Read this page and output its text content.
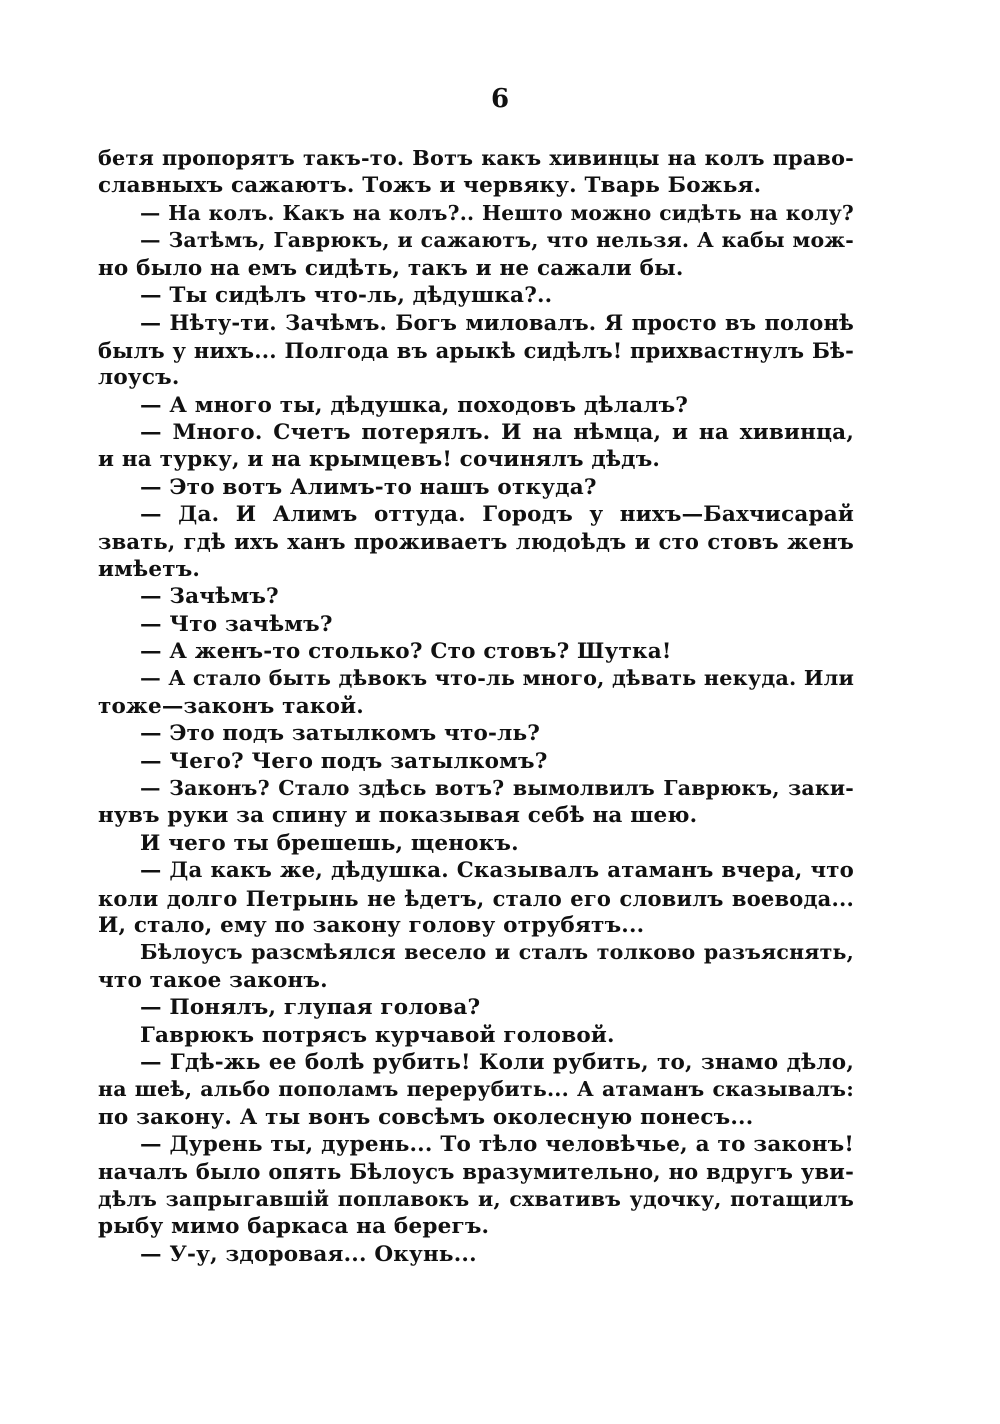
6
бетя пропорятъ такъ-то. Вотъ какъ хивинцы на колъ право-
славныхъ сажаютъ. Тожъ и червяку. Тварь Божья.
— На колъ. Какъ на колъ?.. Нешто можно сидѣть на колу?
— Затѣмъ, Гаврюкъ, и сажаютъ, что нельзя. А кабы мож-
но было на емъ сидѣть, такъ и не сажали бы.
— Ты сидѣлъ что-ль, дѣдушка?..
— Нѣту-ти. Зачѣмъ. Богъ миловалъ. Я просто въ полонѣ
былъ у нихъ... Полгода въ арыкѣ сидѣлъ! прихвастнулъ Бѣ-
лоусъ.
— А много ты, дѣдушка, походовъ дѣлалъ?
— Много. Счетъ потерялъ. И на нѣмца, и на хивинца,
и на турку, и на крымцевъ! сочинялъ дѣдъ.
— Это вотъ Алимъ-то нашъ откуда?
— Да. И Алимъ оттуда. Городъ у нихъ—Бахчисарай
звать, гдѣ ихъ ханъ проживаетъ людоѣдъ и сто стовъ женъ
имѣетъ.
— Зачѣмъ?
— Что зачѣмъ?
— А женъ-то столько? Сто стовъ? Шутка!
— А стало быть дѣвокъ что-ль много, дѣвать некуда. Или
тоже—законъ такой.
— Это подъ затылкомъ что-ль?
— Чего? Чего подъ затылкомъ?
— Законъ? Стало здѣсь вотъ? вымолвилъ Гаврюкъ, заки-
нувъ руки за спину и показывая себѣ на шею.
И чего ты брешешь, щенокъ.
— Да какъ же, дѣдушка. Сказывалъ атаманъ вчера, что
коли долго Петрынь не ѣдетъ, стало его словилъ воевода...
И, стало, ему по закону голову отрубятъ...
Бѣлоусъ разсмѣялся весело и сталъ толково разъяснять,
что такое законъ.
— Понялъ, глупая голова?
Гаврюкъ потрясъ курчавой головой.
— Гдѣ-жь ее болѣ рубить! Коли рубить, то, знамо дѣло,
на шеѣ, альбо пополамъ перерубить... А атаманъ сказывалъ:
по закону. А ты вонъ совсѣмъ околесную понесъ...
— Дурень ты, дурень... То тѣло человѣчье, а то законъ!
началъ было опять Бѣлоусъ вразумительно, но вдругъ уви-
дѣлъ запрыгавшій поплавокъ и, схвативъ удочку, потащилъ
рыбу мимо баркаса на берегъ.
— У-у, здоровая... Окунь...
